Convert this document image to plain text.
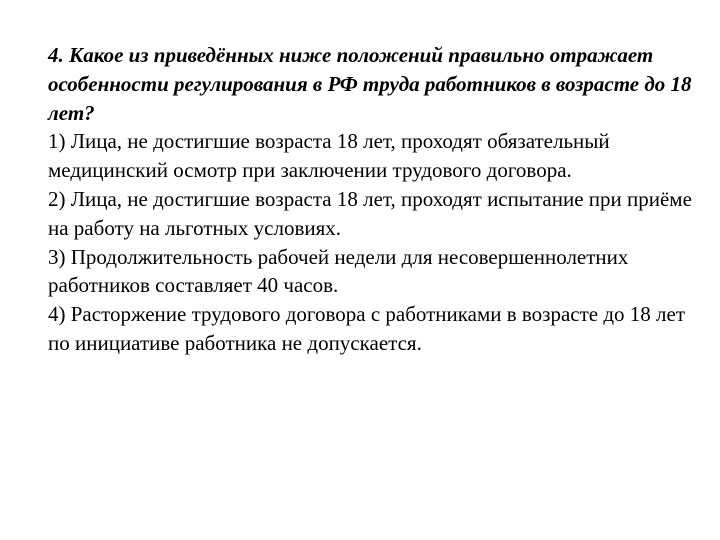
4. Какое из приведённых ниже положений правильно отражает особенности регулирования в РФ труда работников в возрасте до 18 лет?

1) Лица, не достигшие возраста 18 лет, проходят обязательный медицинский осмотр при заключении трудового договора.

2) Лица, не достигшие возраста 18 лет, проходят испытание при приёме на работу на льготных условиях.

3) Продолжительность рабочей недели для несовершеннолетних работников составляет 40 часов.

4) Расторжение трудового договора с работниками в возрасте до 18 лет по инициативе работника не допускается.
